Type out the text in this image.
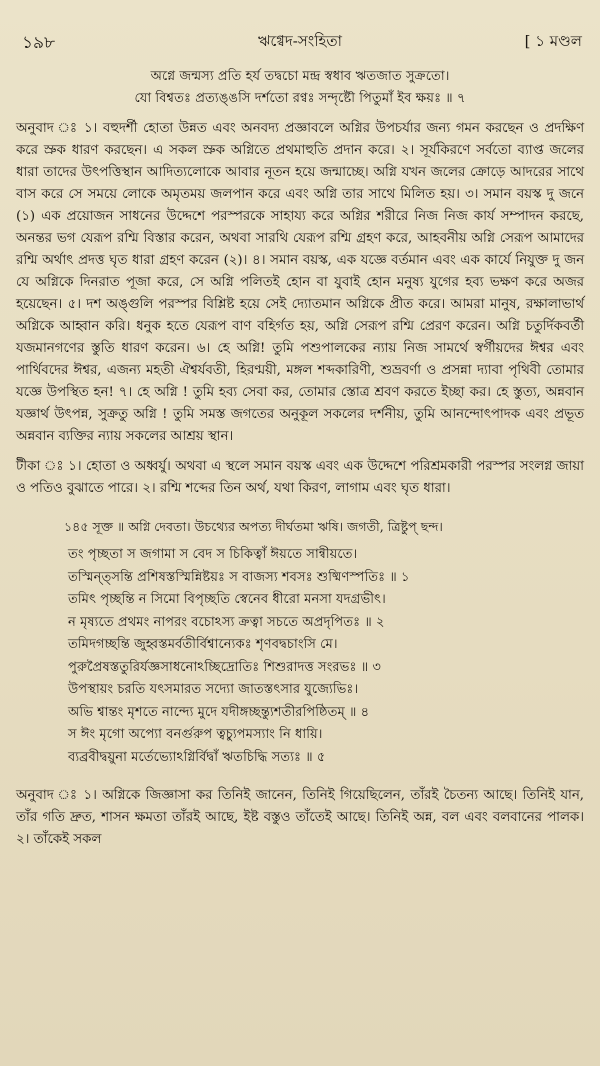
১৯৮	ঋগ্বেদ-সংহিতা	[ ১ মণ্ডল

অগ্নে জন্মস্য প্রতি হর্য তদ্বচো মন্দ্র স্বধাব ঋতজাত সুক্রতো।

যো বিশ্বতঃ প্রত্যঙ্ঙসি দর্শতো রণ্বঃ সন্দৃষ্টৌ পিতুমাঁ ইব ক্ষয়ঃ ॥ ৭

অনুবাদ ঃ ১। বহুদর্শী হোতা উন্নত এবং অনবদ্য প্রজ্ঞাবলে অগ্নির উপচর্যার জন্য গমন করছেন ও প্রদক্ষিণ করে স্রুক ধারণ করছেন। এ সকল স্রুক অগ্নিতে প্রথমাহুতি প্রদান করে। ২। সূর্যকিরণে সর্বতো ব্যাপ্ত জলের ধারা তাদের উৎপত্তিস্থান আদিত্যলোকে আবার নূতন হয়ে জন্মাচ্ছে। অগ্নি যখন জলের ক্রোড়ে আদরের সাথে বাস করে সে সময়ে লোকে অমৃতময় জলপান করে এবং অগ্নি তার সাথে মিলিত হয়। ৩। সমান বয়স্ক দু জনে (১) এক প্রয়োজন সাধনের উদ্দেশে পরস্পরকে সাহায্য করে অগ্নির শরীরে নিজ নিজ কার্য সম্পাদন করছে, অনন্তর ভগ যেরূপ রশ্মি বিস্তার করেন, অথবা সারথি যেরূপ রশ্মি গ্রহণ করে, আহবনীয় অগ্নি সেরূপ আমাদের রশ্মি অর্থাৎ প্রদত্ত ঘৃত ধারা গ্রহণ করেন (২)। ৪। সমান বয়স্ক, এক যজ্ঞে বর্তমান এবং এক কার্যে নিযুক্ত দু জন যে অগ্নিকে দিনরাত পূজা করে, সে অগ্নি পলিতই হোন বা যুবাই হোন মনুষ্য যুগের হব্য ভক্ষণ করে অজর হয়েছেন। ৫। দশ অঙ্গুলি পরস্পর বিশ্লিষ্ট হয়ে সেই দ্যোতমান অগ্নিকে প্রীত করে। আমরা মানুষ, রক্ষালাভার্থ অগ্নিকে আহ্বান করি। ধনুক হতে যেরূপ বাণ বহির্গত হয়, অগ্নি সেরূপ রশ্মি প্রেরণ করেন। অগ্নি চতুর্দিকবর্তী যজমানগণের স্তুতি ধারণ করেন। ৬। হে অগ্নি! তুমি পশুপালকের ন্যায় নিজ সামর্থে স্বর্গীয়দের ঈশ্বর এবং পার্থিবদের ঈশ্বর, এজন্য মহতী ঐশ্বর্যবতী, হিরণ্ময়ী, মঙ্গল শব্দকারিণী, শুভ্রবর্ণা ও প্রসন্না দ্যাবা পৃথিবী তোমার যজ্ঞে উপস্থিত হন! ৭। হে অগ্নি ! তুমি হব্য সেবা কর, তোমার স্তোত্র শ্রবণ করতে ইচ্ছা কর। হে স্তুত্য, অন্নবান যজ্ঞার্থ উৎপন্ন, সুক্রতু অগ্নি ! তুমি সমস্ত জগতের অনুকূল সকলের দর্শনীয়, তুমি আনন্দোৎপাদক এবং প্রভূত অন্নবান ব্যক্তির ন্যায় সকলের আশ্রয় স্থান।

টীকা ঃ ১। হোতা ও অধ্বর্যু। অথবা এ স্থলে সমান বয়স্ক এবং এক উদ্দেশে পরিশ্রমকারী পরস্পর সংলগ্ন জায়া ও পতিও বুঝাতে পারে। ২। রশ্মি শব্দের তিন অর্থ, যথা কিরণ, লাগাম এবং ঘৃত ধারা।

১৪৫ সূক্ত ॥ অগ্নি দেবতা। উচথ্যের অপত্য দীর্ঘতমা ঋষি। জগতী, ত্রিষ্টুপ্ ছন্দ।

তং পৃচ্ছতা স জগামা স বেদ স চিকিত্বাঁ ঈয়তে সান্বীয়তে।

তস্মিন্ত্সন্তি প্রশিষস্তস্মিন্নিষ্টয়ঃ স বাজস্য শবসঃ শুষ্মিণস্পতিঃ ॥ ১

তমিৎ পৃচ্ছন্তি ন সিমো বিপৃচ্ছতি স্বেনেব ধীরো মনসা যদগ্রভীৎ।

ন মৃষ্যতে প্রথমং নাপরং বচোঽস্য ক্রত্বা সচতে অপ্রদৃপিতঃ ॥ ২

তমিদগচ্ছন্তি জুহ্বস্তমর্বতীর্বিশ্বান্যেকঃ শৃণবদ্বচাংসি মে।

পুরুপ্রৈষস্ততুরির্যজ্ঞসাধনোঽচ্ছিদ্রোতিঃ শিশুরাদত্ত সংরভঃ ॥ ৩

উপস্থায়ং চরতি যৎসমারত সদ্যো জাতস্তৎসার যুজ্যেভিঃ।

অভি শ্বান্তং মৃশতে নান্দ্যে মুদে যদীঙ্গচ্ছন্ত্যুশতীরপিষ্ঠিতম্ ॥ ৪

স ঈং মৃগো অপ্যো বনর্গুরুপ ত্বচ্যুপমস্যাং নি ধায়ি।

ব্যব্রবীদ্বয়ুনা মর্তেভ্যোঽগ্নির্বিদ্বাঁ ঋতচিদ্ধি সত্যঃ ॥ ৫

অনুবাদ ঃ ১। অগ্নিকে জিজ্ঞাসা কর তিনিই জানেন, তিনিই গিয়েছিলেন, তাঁরই চৈতন্য আছে। তিনিই যান, তাঁর গতি দ্রুত, শাসন ক্ষমতা তাঁরই আছে, ইষ্ট বস্তুও তাঁতেই আছে। তিনিই অন্ন, বল এবং বলবানের পালক। ২। তাঁকেই সকল
